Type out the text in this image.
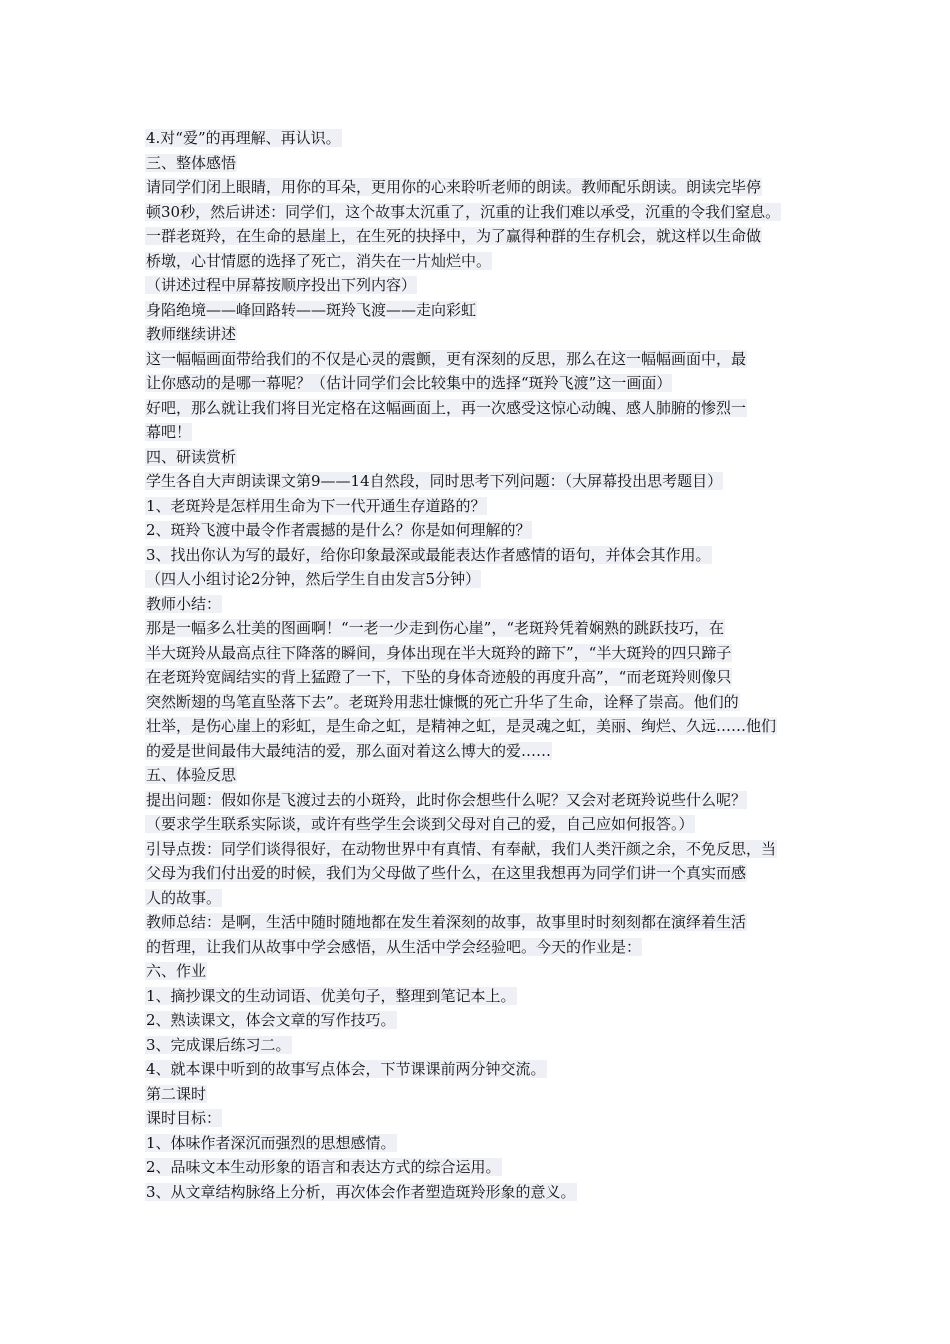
4.对“爱”的再理解、再认识。
三、整体感悟
请同学们闭上眼睛，用你的耳朵，更用你的心来聆听老师的朗读。教师配乐朗读。朗读完毕停
顿30秒，然后讲述：同学们，这个故事太沉重了，沉重的让我们难以承受，沉重的令我们窒息。
一群老斑羚，在生命的悬崖上，在生死的抉择中，为了赢得种群的生存机会，就这样以生命做
桥墩，心甘情愿的选择了死亡，消失在一片灿烂中。
（讲述过程中屏幕按顺序投出下列内容）
身陷绝境——峰回路转——斑羚飞渡——走向彩虹
教师继续讲述
这一幅幅画面带给我们的不仅是心灵的震颤，更有深刻的反思，那么在这一幅幅画面中，最
让你感动的是哪一幕呢？（估计同学们会比较集中的选择“斑羚飞渡”这一画面）
好吧，那么就让我们将目光定格在这幅画面上，再一次感受这惊心动魄、感人肺腑的惨烈一
幕吧！
四、研读赏析
学生各自大声朗读课文第9——14自然段，同时思考下列问题：（大屏幕投出思考题目）
1、老斑羚是怎样用生命为下一代开通生存道路的？
2、斑羚飞渡中最令作者震撼的是什么？你是如何理解的？
3、找出你认为写的最好，给你印象最深或最能表达作者感情的语句，并体会其作用。
（四人小组讨论2分钟，然后学生自由发言5分钟）
教师小结：
那是一幅多么壮美的图画啊！“一老一少走到伤心崖”，“老斑羚凭着娴熟的跳跃技巧，在
半大斑羚从最高点往下降落的瞬间，身体出现在半大斑羚的蹄下”，“半大斑羚的四只蹄子
在老斑羚宽阔结实的背上猛蹬了一下，下坠的身体奇迹般的再度升高”，“而老斑羚则像只
突然断翅的鸟笔直坠落下去”。老斑羚用悲壮慷慨的死亡升华了生命，诠释了崇高。他们的
壮举，是伤心崖上的彩虹，是生命之虹，是精神之虹，是灵魂之虹，美丽、绚烂、久远……他们
的爱是世间最伟大最纯洁的爱，那么面对着这么博大的爱……
五、体验反思
提出问题：假如你是飞渡过去的小斑羚，此时你会想些什么呢？又会对老斑羚说些什么呢？
（要求学生联系实际谈，或许有些学生会谈到父母对自己的爱，自己应如何报答。）
引导点拨：同学们谈得很好，在动物世界中有真情、有奉献，我们人类汗颜之余，不免反思，当
父母为我们付出爱的时候，我们为父母做了些什么，在这里我想再为同学们讲一个真实而感
人的故事。
教师总结：是啊，生活中随时随地都在发生着深刻的故事，故事里时时刻刻都在演绎着生活
的哲理，让我们从故事中学会感悟，从生活中学会经验吧。今天的作业是：
六、作业
1、摘抄课文的生动词语、优美句子，整理到笔记本上。
2、熟读课文，体会文章的写作技巧。
3、完成课后练习二。
4、就本课中听到的故事写点体会，下节课课前两分钟交流。
第二课时
课时目标：
1、体味作者深沉而强烈的思想感情。
2、品味文本生动形象的语言和表达方式的综合运用。
3、从文章结构脉络上分析，再次体会作者塑造斑羚形象的意义。
